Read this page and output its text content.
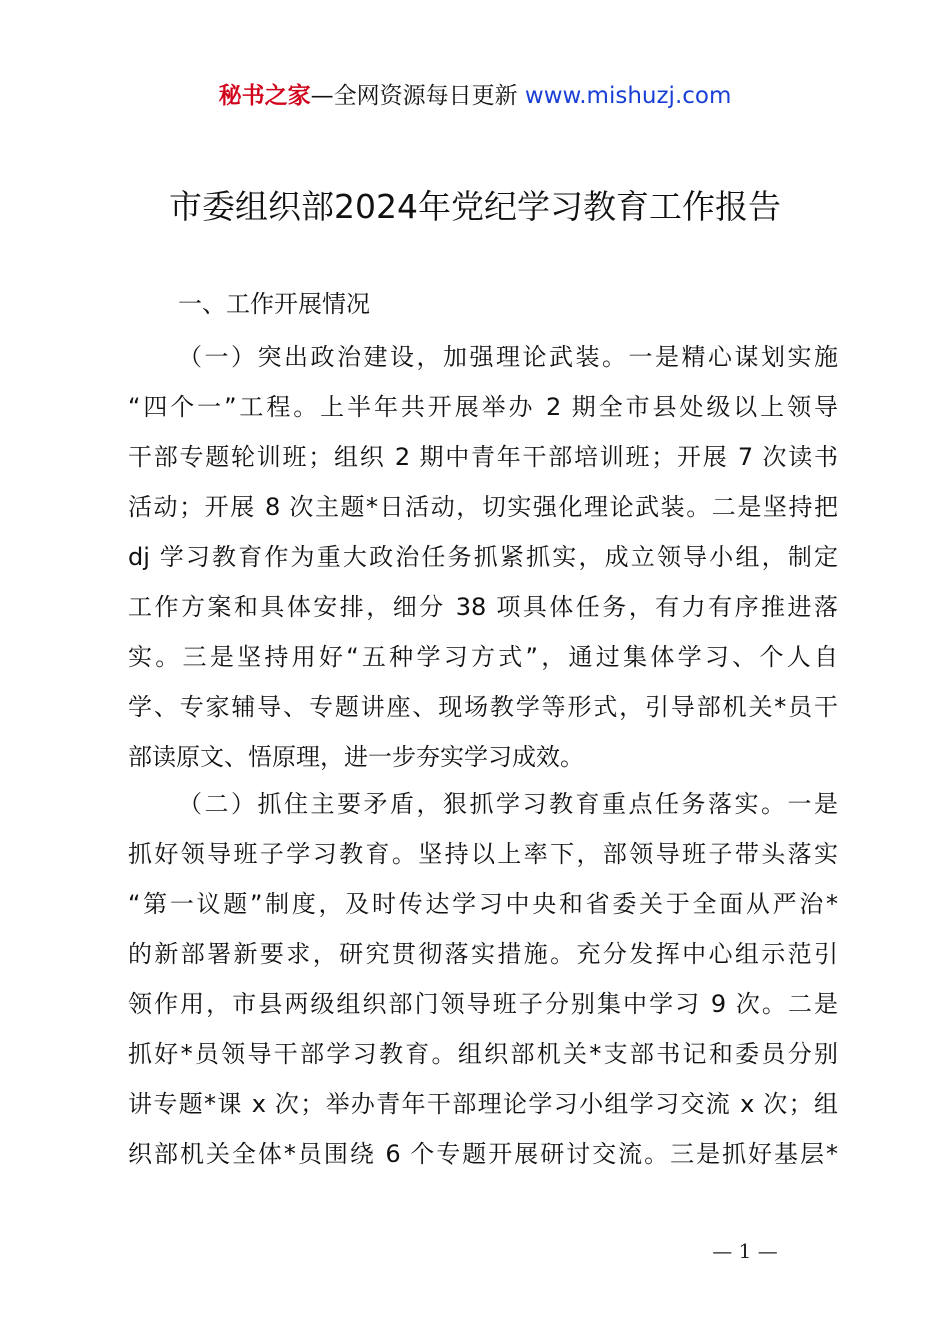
秘书之家—全网资源每日更新 www.mishuzj.com
市委组织部2024年党纪学习教育工作报告
一、工作开展情况
（一）突出政治建设，加强理论武装。一是精心谋划实施
“四个一”工程。上半年共开展举办 2 期全市县处级以上领导
干部专题轮训班；组织 2 期中青年干部培训班；开展 7 次读书
活动；开展 8 次主题*日活动，切实强化理论武装。二是坚持把
dj 学习教育作为重大政治任务抓紧抓实，成立领导小组，制定
工作方案和具体安排，细分 38 项具体任务，有力有序推进落
实。三是坚持用好“五种学习方式”，通过集体学习、个人自
学、专家辅导、专题讲座、现场教学等形式，引导部机关*员干
部读原文、悟原理，进一步夯实学习成效。
（二）抓住主要矛盾，狠抓学习教育重点任务落实。一是
抓好领导班子学习教育。坚持以上率下，部领导班子带头落实
“第一议题”制度，及时传达学习中央和省委关于全面从严治*
的新部署新要求，研究贯彻落实措施。充分发挥中心组示范引
领作用，市县两级组织部门领导班子分别集中学习 9 次。二是
抓好*员领导干部学习教育。组织部机关*支部书记和委员分别
讲专题*课 x 次；举办青年干部理论学习小组学习交流 x 次；组
织部机关全体*员围绕 6 个专题开展研讨交流。三是抓好基层*
— 1 —
